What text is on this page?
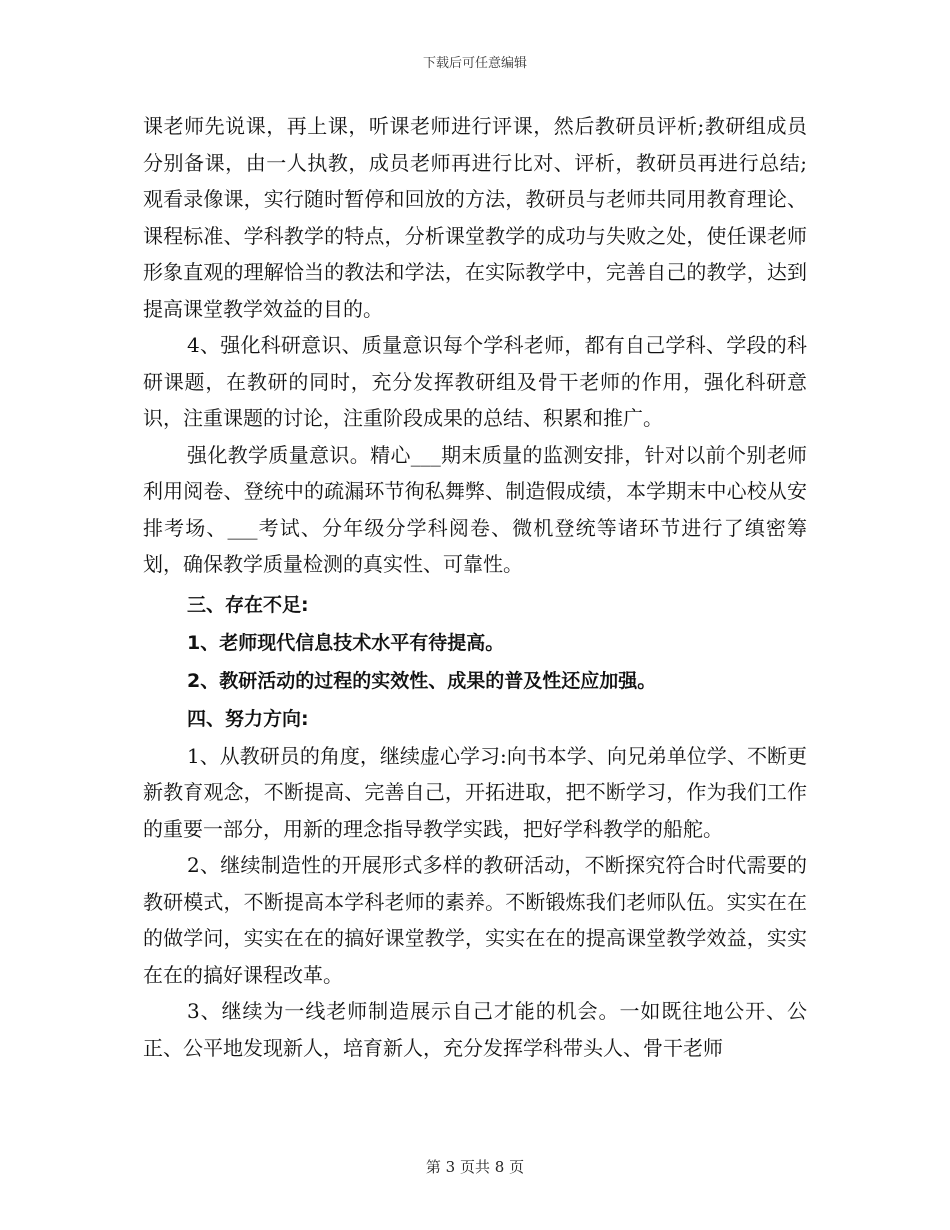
下载后可任意编辑

课老师先说课，再上课，听课老师进行评课，然后教研员评析;教研组成员分别备课，由一人执教，成员老师再进行比对、评析，教研员再进行总结;观看录像课，实行随时暂停和回放的方法，教研员与老师共同用教育理论、课程标准、学科教学的特点，分析课堂教学的成功与失败之处，使任课老师形象直观的理解恰当的教法和学法，在实际教学中，完善自己的教学，达到提高课堂教学效益的目的。

4、强化科研意识、质量意识每个学科老师，都有自己学科、学段的科研课题，在教研的同时，充分发挥教研组及骨干老师的作用，强化科研意识，注重课题的讨论，注重阶段成果的总结、积累和推广。

强化教学质量意识。精心___期末质量的监测安排，针对以前个别老师利用阅卷、登统中的疏漏环节徇私舞弊、制造假成绩，本学期末中心校从安排考场、___考试、分年级分学科阅卷、微机登统等诸环节进行了缜密筹划，确保教学质量检测的真实性、可靠性。

三、存在不足:

1、老师现代信息技术水平有待提高。

2、教研活动的过程的实效性、成果的普及性还应加强。

四、努力方向:

1、从教研员的角度，继续虚心学习:向书本学、向兄弟单位学、不断更新教育观念，不断提高、完善自己，开拓进取，把不断学习，作为我们工作的重要一部分，用新的理念指导教学实践，把好学科教学的船舵。

2、继续制造性的开展形式多样的教研活动，不断探究符合时代需要的教研模式，不断提高本学科老师的素养。不断锻炼我们老师队伍。实实在在的做学问，实实在在的搞好课堂教学，实实在在的提高课堂教学效益，实实在在的搞好课程改革。

3、继续为一线老师制造展示自己才能的机会。一如既往地公开、公正、公平地发现新人，培育新人，充分发挥学科带头人、骨干老师

第 3 页共 8 页
